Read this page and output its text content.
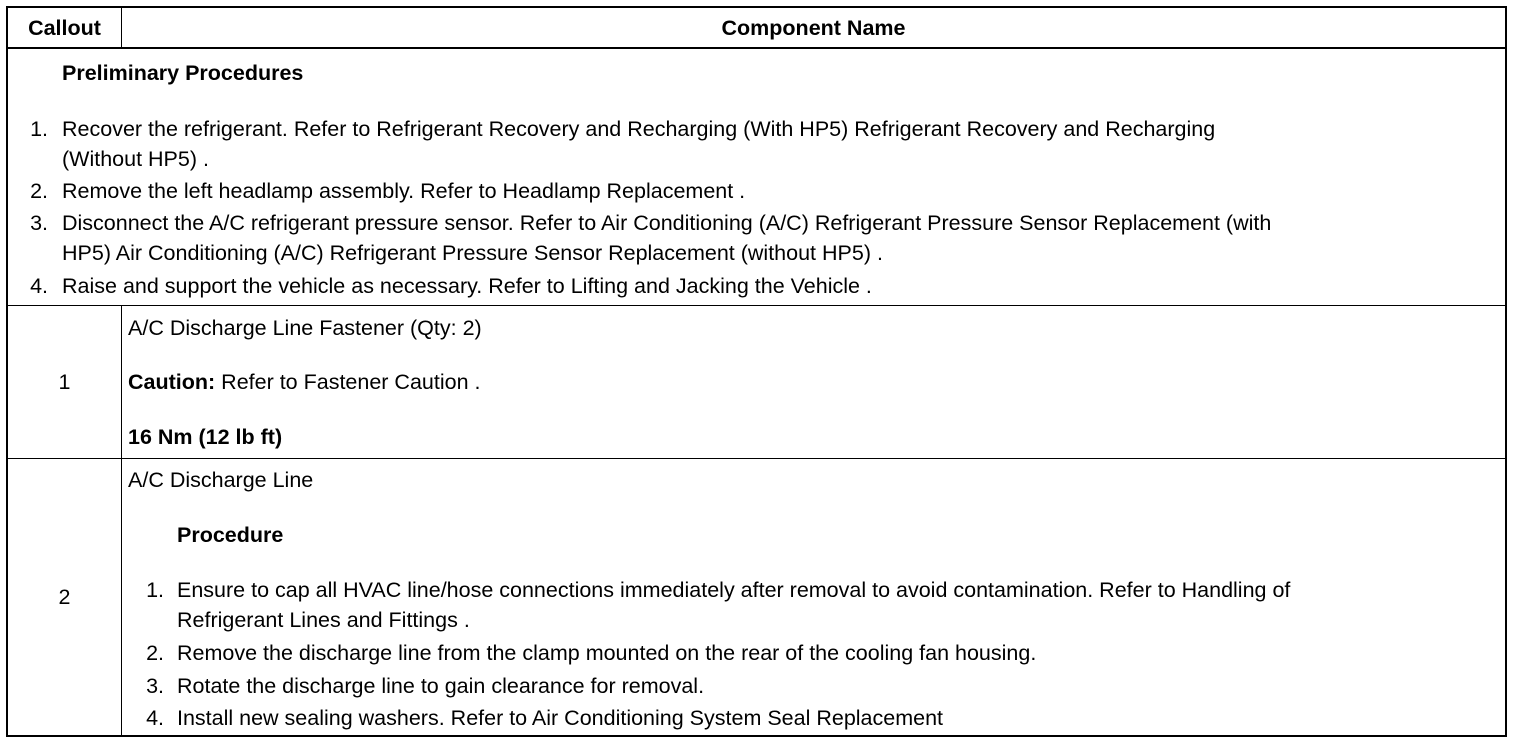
Callout	Component Name
Preliminary Procedures
1. Recover the refrigerant. Refer to Refrigerant Recovery and Recharging (With HP5) Refrigerant Recovery and Recharging
(Without HP5) .
2. Remove the left headlamp assembly. Refer to Headlamp Replacement .
3. Disconnect the A/C refrigerant pressure sensor. Refer to Air Conditioning (A/C) Refrigerant Pressure Sensor Replacement (with
HP5) Air Conditioning (A/C) Refrigerant Pressure Sensor Replacement (without HP5) .
4. Raise and support the vehicle as necessary. Refer to Lifting and Jacking the Vehicle .
1
A/C Discharge Line Fastener (Qty: 2)
Caution: Refer to Fastener Caution .
16 Nm (12 lb ft)
2
A/C Discharge Line
Procedure
1. Ensure to cap all HVAC line/hose connections immediately after removal to avoid contamination. Refer to Handling of
Refrigerant Lines and Fittings .
2. Remove the discharge line from the clamp mounted on the rear of the cooling fan housing.
3. Rotate the discharge line to gain clearance for removal.
4. Install new sealing washers. Refer to Air Conditioning System Seal Replacement
